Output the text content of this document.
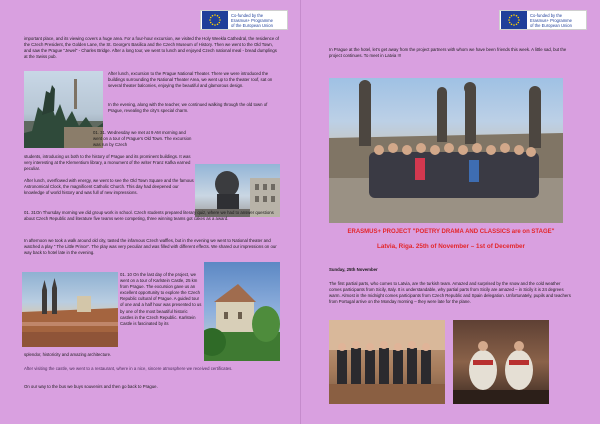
Co-funded by the
Erasmus+ Programme
of the European Union
important place, and its viewing covers a huge area. For a four-hour excursion, we visited the Holy Weekla Cathedral, the residence of the Czech President, the Golden Lane, the St. George's Basilica and the Czech Museum of History. Then we went to the Old Town, and saw the Prague "Jewel" - Charles Bridge. After a long tour, we went to lunch and enjoyed Czech national meal - bread dumplings at the Swiss pub.
After lunch, excursion to the Prague National Theater. There we were introduced the buildings surrounding the National Theater Area, we went up to the theater roof, sat on several theater balconies, enjoying the beautiful and glamorous design.
In the evening, along with the teacher, we continued walking through the old town of Prague, revealing the city's special charm.
01. 31. Wednesday we met at 9 AM morning and went on a tour of Prague's Old Town. The excursion was run by Czech
students, introducing us both to the history of Prague and its prominent buildings. It was very interesting at the Klementium library, a monument of the writer Franz Kafka earned peculiar.
After lunch, overflowed with energy, we went to see the Old Town Square and the famous Astronomical Clock, the magnificent Catholic Church. This day had deepened our knowledge of world history and was full of new impressions.
01. 31On Thursday morning we did group work in school. Czech students prepared literary quiz, where we had to answer questions about Czech Republic and literature five teams were competing, three winning teams got cakes as a award.
In afternoon we took a walk around old city, tasted the infamous Czech waffles, but in the evening we went to National theater and watched a play " The Little Prince". The play was very peculiar and was filled with different effects. We shared our impressions on our way back to hotel late in the evening.
01. 10 On the last day of the project, we went on a tour of Karlstein Castle, 25 km from Prague. The excursion gave us an excellent opportunity to explore the Czech Republic cultural of Prague. A guided tour of one and a half hour was presented to us by one of the most beautiful historic castles in the Czech Republic. Karlstein Castle is fascinated by its
splendor, historicity and amazing architecture.
After visiting the castle, we went to a restaurant, where in a nice, sincere atmosphere we received certificates.
On our way to the bus we buys souvenirs and then go back to Prague.
Co-funded by the
Erasmus+ Programme
of the European Union
In Prague at the hotel, let's get away from the project partners with whom we have been friends this week. A little sad, but the project continues. To meet in Latvia !!!
ERASMUS+ PROJECT "POETRY DRAMA AND CLASSICS are on STAGE"
Latvia, Riga. 25th of November – 1st of December
Sunday, 25th November
The first partial parts, who comes to Latvia, are the turkish team. Amazed and surprised by the snow and the cold weather comes participants from Sicily, Italy. It is understandable, why partial parts from Sicily are amazed – in Sicily it is 24 degrees warm. Almost in the midnight comes participants from Czech Republic and Spain delegation. Unfortunately, pupils and teachers from Portugal arrive on the Monday morning – they were late for the plane.
